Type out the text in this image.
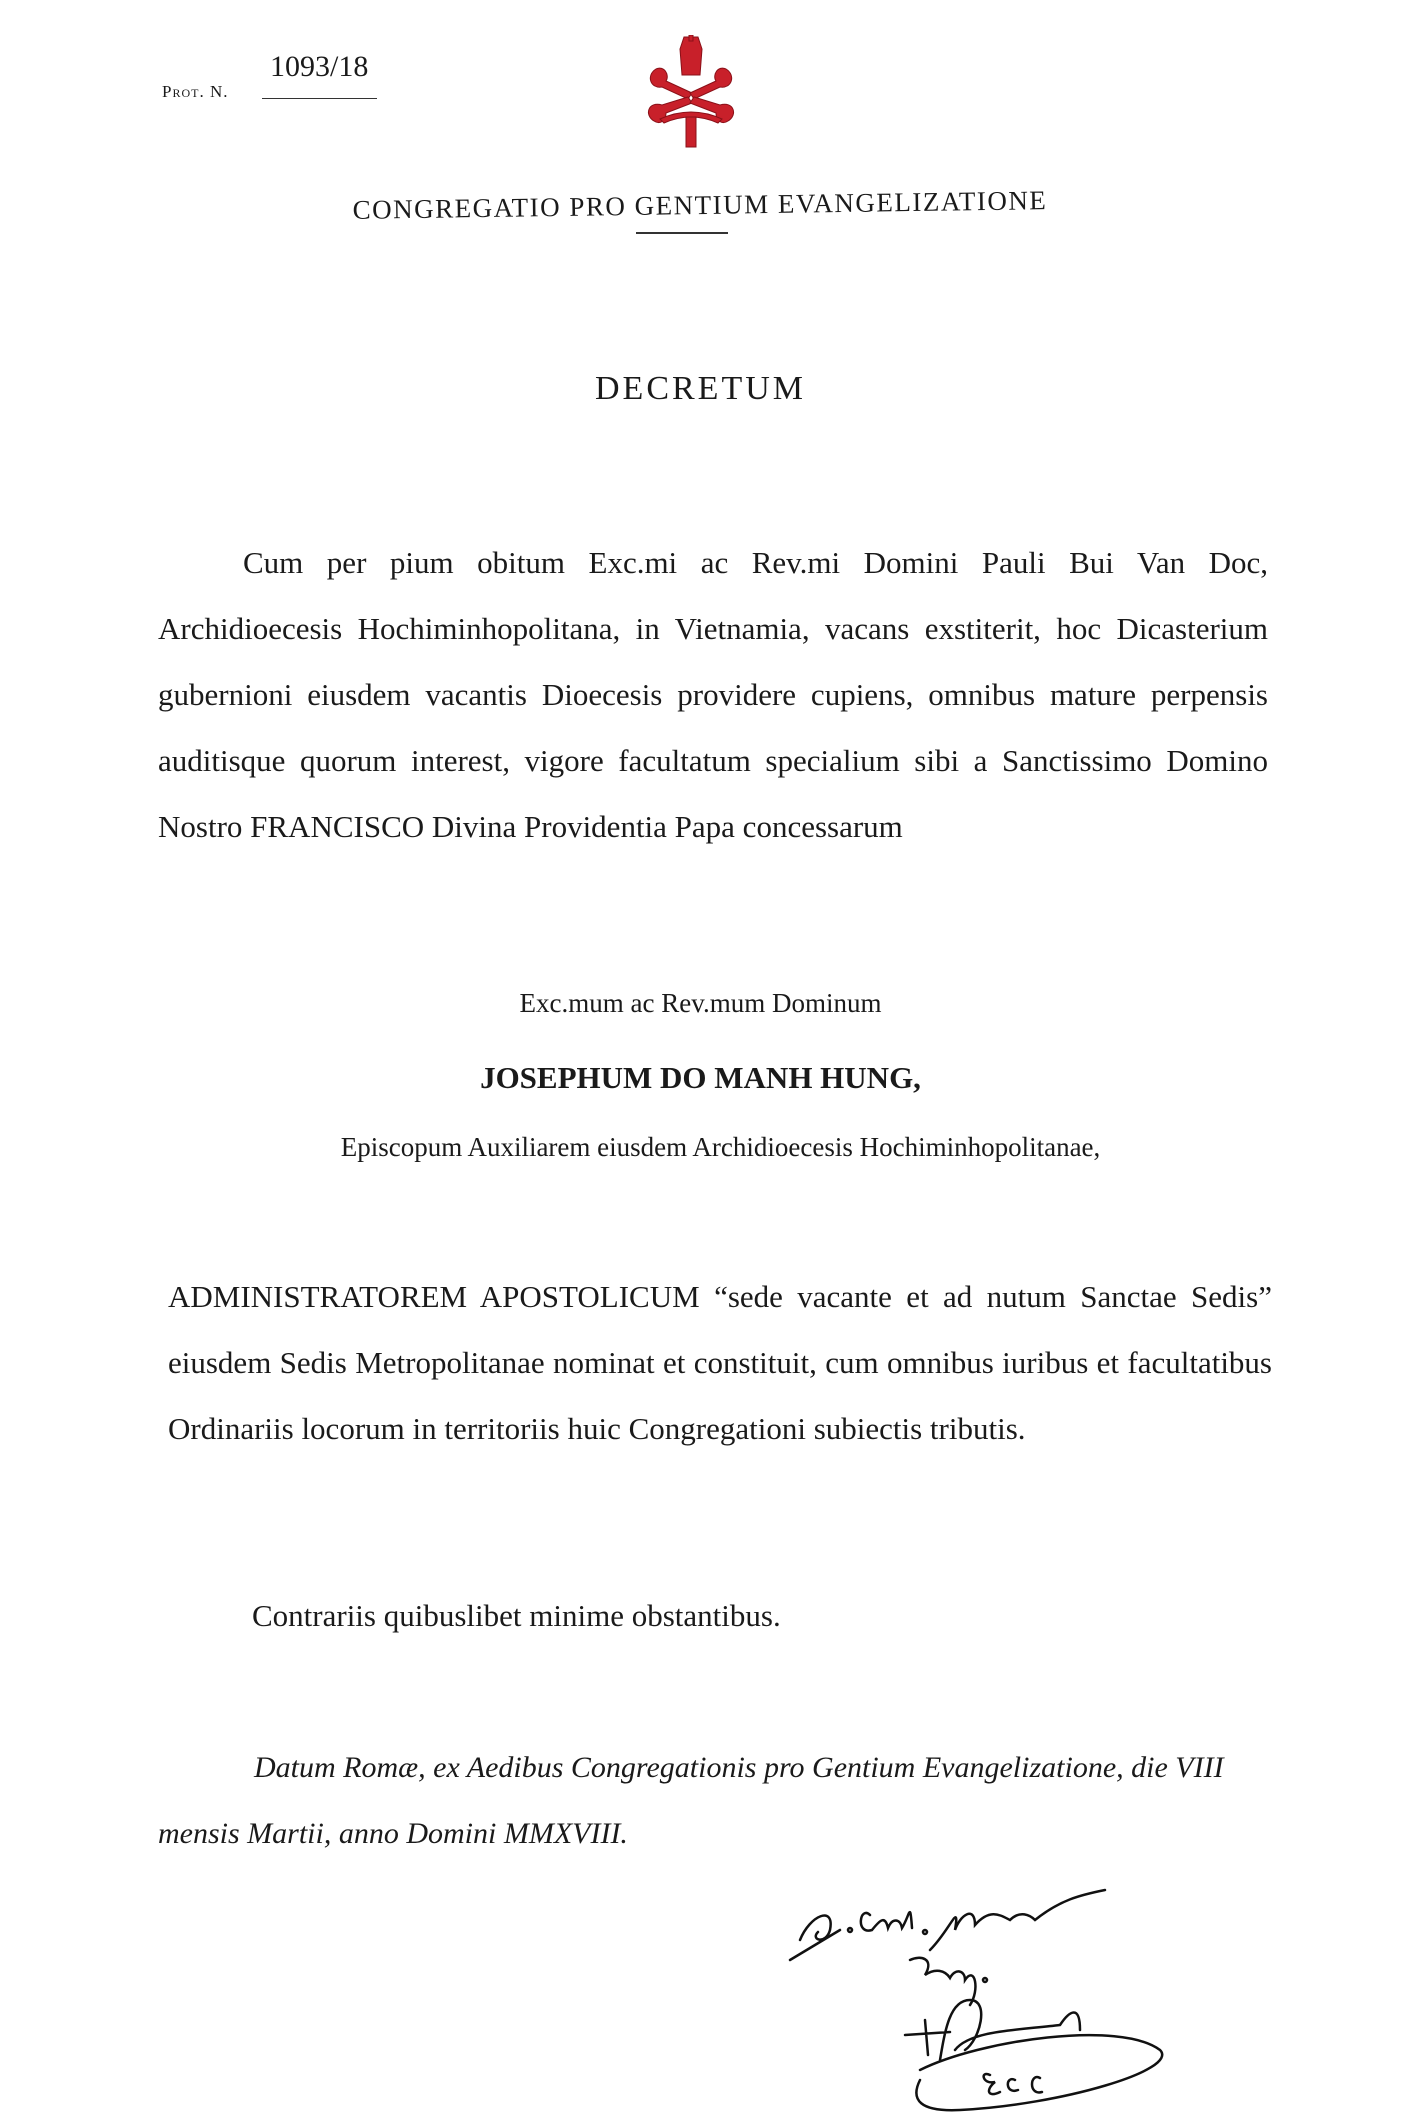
Prot. N.
1093/18
CONGREGATIO PRO GENTIUM EVANGELIZATIONE
DECRETUM
Cum per pium obitum Exc.mi ac Rev.mi Domini Pauli Bui Van Doc, Archidioecesis Hochiminhopolitana, in Vietnamia, vacans exstiterit, hoc Dicasterium gubernioni eiusdem vacantis Dioecesis providere cupiens, omnibus mature perpensis auditisque quorum interest, vigore facultatum specialium sibi a Sanctissimo Domino Nostro FRANCISCO Divina Providentia Papa concessarum
Exc.mum ac Rev.mum Dominum
JOSEPHUM DO MANH HUNG,
Episcopum Auxiliarem eiusdem Archidioecesis Hochiminhopolitanae,
ADMINISTRATOREM APOSTOLICUM “sede vacante et ad nutum Sanctae Sedis” eiusdem Sedis Metropolitanae nominat et constituit, cum omnibus iuribus et facultatibus Ordinariis locorum in territoriis huic Congregationi subiectis tributis.
Contrariis quibuslibet minime obstantibus.
Datum Romæ, ex Aedibus Congregationis pro Gentium Evangelizatione, die VIII mensis Martii, anno Domini MMXVIII.
